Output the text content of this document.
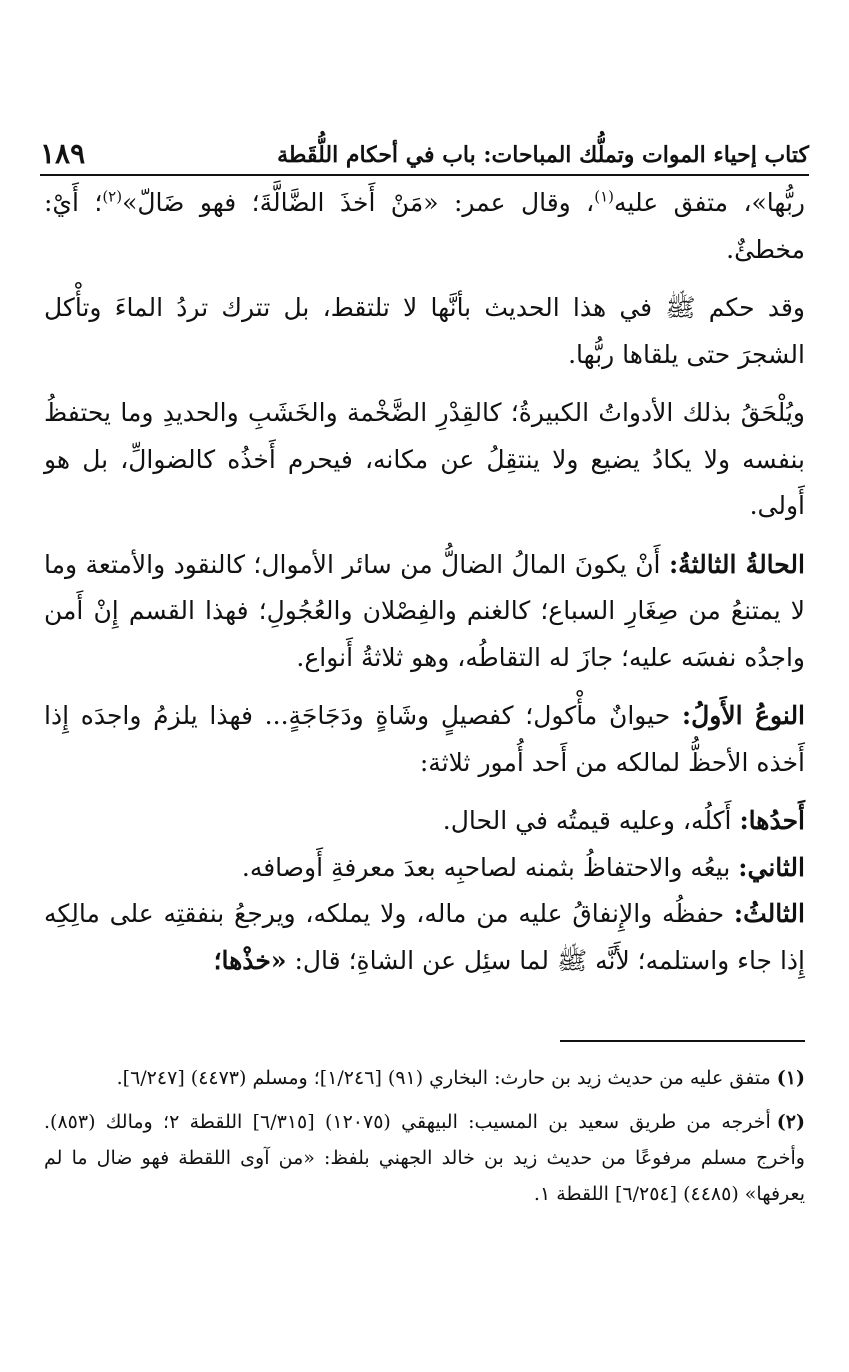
١٨٩	كتاب إحياء الموات وتملُّك المباحات: باب في أحكام اللُّقَطة

ربُّها»، متفق عليه$^{(١)}$، وقال عمر: «مَنْ أَخذَ الضَّالَّةَ؛ فهو ضَالّ»$^{(٢)}$؛ أَيْ: مخطئٌ.

وقد حكم ﷺ في هذا الحديث بأنَّها لا تلتقط، بل تترك تردُ الماءَ وتأْكل الشجرَ حتى يلقاها ربُّها.

ويُلْحَقُ بذلك الأدواتُ الكبيرةُ؛ كالقِدْرِ الضَّخْمة والخَشَبِ والحديدِ وما يحتفظُ بنفسه ولا يكادُ يضيع ولا ينتقِلُ عن مكانه، فيحرم أَخذُه كالضوالِّ، بل هو أَولى.

الحالةُ الثالثةُ: أَنْ يكونَ المالُ الضالُّ من سائر الأموال؛ كالنقود والأمتعة وما لا يمتنعُ من صِغَارِ السباع؛ كالغنم والفِصْلان والعُجُولِ؛ فهذا القسم إِنْ أَمن واجدُه نفسَه عليه؛ جازَ له التقاطُه، وهو ثلاثةُ أَنواع.

النوعُ الأَولُ: حيوانٌ مأْكول؛ كفصيلٍ وشَاةٍ ودَجَاجَةٍ... فهذا يلزمُ واجدَه إِذا أَخذه الأحظُّ لمالكه من أَحد أُمور ثلاثة:

أَحدُها: أَكلُه، وعليه قيمتُه في الحال.

الثاني: بيعُه والاحتفاظُ بثمنه لصاحبِه بعدَ معرفةِ أَوصافه.

الثالثُ: حفظُه والإِنفاقُ عليه من ماله، ولا يملكه، ويرجعُ بنفقتِه على مالِكِه إِذا جاء واستلمه؛ لأَنَّه ﷺ لما سئِل عن الشاةِ؛ قال: «خذْها؛

(١)متفق عليه من حديث زيد بن حارث: البخاري (٩١) [١/٢٤٦]؛ ومسلم (٤٤٧٣) [٦/٢٤٧].

(٢)أخرجه من طريق سعيد بن المسيب: البيهقي (١٢٠٧٥) [٦/٣١٥] اللقطة ٢؛ ومالك (٨٥٣). وأخرج مسلم مرفوعًا من حديث زيد بن خالد الجهني بلفظ: «من آوى اللقطة فهو ضال ما لم يعرفها» (٤٤٨٥) [٦/٢٥٤] اللقطة ١.
